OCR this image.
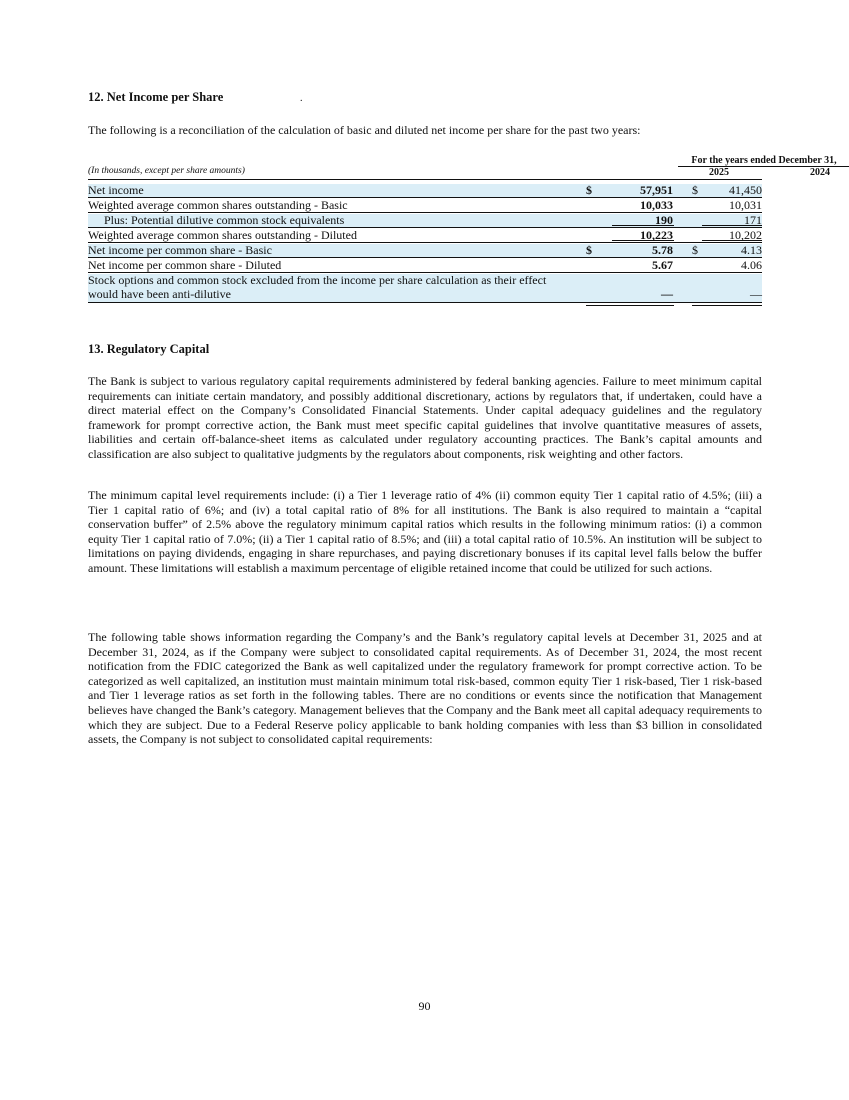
12. Net Income per Share	.
The following is a reconciliation of the calculation of basic and diluted net income per share for the past two years:
For the years ended December 31,
(In thousands, except per share amounts)	2025	2024
Net income	$	57,951 $	41,450
Weighted average common shares outstanding - Basic	10,033	10,031
Plus: Potential dilutive common stock equivalents	190	171
Weighted average common shares outstanding - Diluted	10,223	10,202
Net income per common share - Basic	$	5.78 $	4.13
Net income per common share - Diluted	5.67	4.06
Stock options and common stock excluded from the income per share calculation as their effect would have been anti-dilutive	—	—
13. Regulatory Capital

The Bank is subject to various regulatory capital requirements administered by federal banking agencies. Failure to meet minimum capital requirements can initiate certain mandatory, and possibly additional discretionary, actions by regulators that, if undertaken, could have a direct material effect on the Company’s Consolidated Financial Statements. Under capital adequacy guidelines and the regulatory framework for prompt corrective action, the Bank must meet specific capital guidelines that involve quantitative measures of assets, liabilities and certain off-balance-sheet items as calculated under regulatory accounting practices. The Bank’s capital amounts and classification are also subject to qualitative judgments by the regulators about components, risk weighting and other factors.

The minimum capital level requirements include: (i) a Tier 1 leverage ratio of 4% (ii) common equity Tier 1 capital ratio of 4.5%; (iii) a Tier 1 capital ratio of 6%; and (iv) a total capital ratio of 8% for all institutions. The Bank is also required to maintain a “capital conservation buffer” of 2.5% above the regulatory minimum capital ratios which results in the following minimum ratios: (i) a common equity Tier 1 capital ratio of 7.0%; (ii) a Tier 1 capital ratio of 8.5%; and (iii) a total capital ratio of 10.5%. An institution will be subject to limitations on paying dividends, engaging in share repurchases, and paying discretionary bonuses if its capital level falls below the buffer amount. These limitations will establish a maximum percentage of eligible retained income that could be utilized for such actions.

The following table shows information regarding the Company’s and the Bank’s regulatory capital levels at December 31, 2025 and at December 31, 2024, as if the Company were subject to consolidated capital requirements. As of December 31, 2024, the most recent notification from the FDIC categorized the Bank as well capitalized under the regulatory framework for prompt corrective action. To be categorized as well capitalized, an institution must maintain minimum total risk-based, common equity Tier 1 risk-based, Tier 1 risk-based and Tier 1 leverage ratios as set forth in the following tables. There are no conditions or events since the notification that Management believes have changed the Bank’s category. Management believes that the Company and the Bank meet all capital adequacy requirements to which they are subject. Due to a Federal Reserve policy applicable to bank holding companies with less than $3 billion in consolidated assets, the Company is not subject to consolidated capital requirements:

90
